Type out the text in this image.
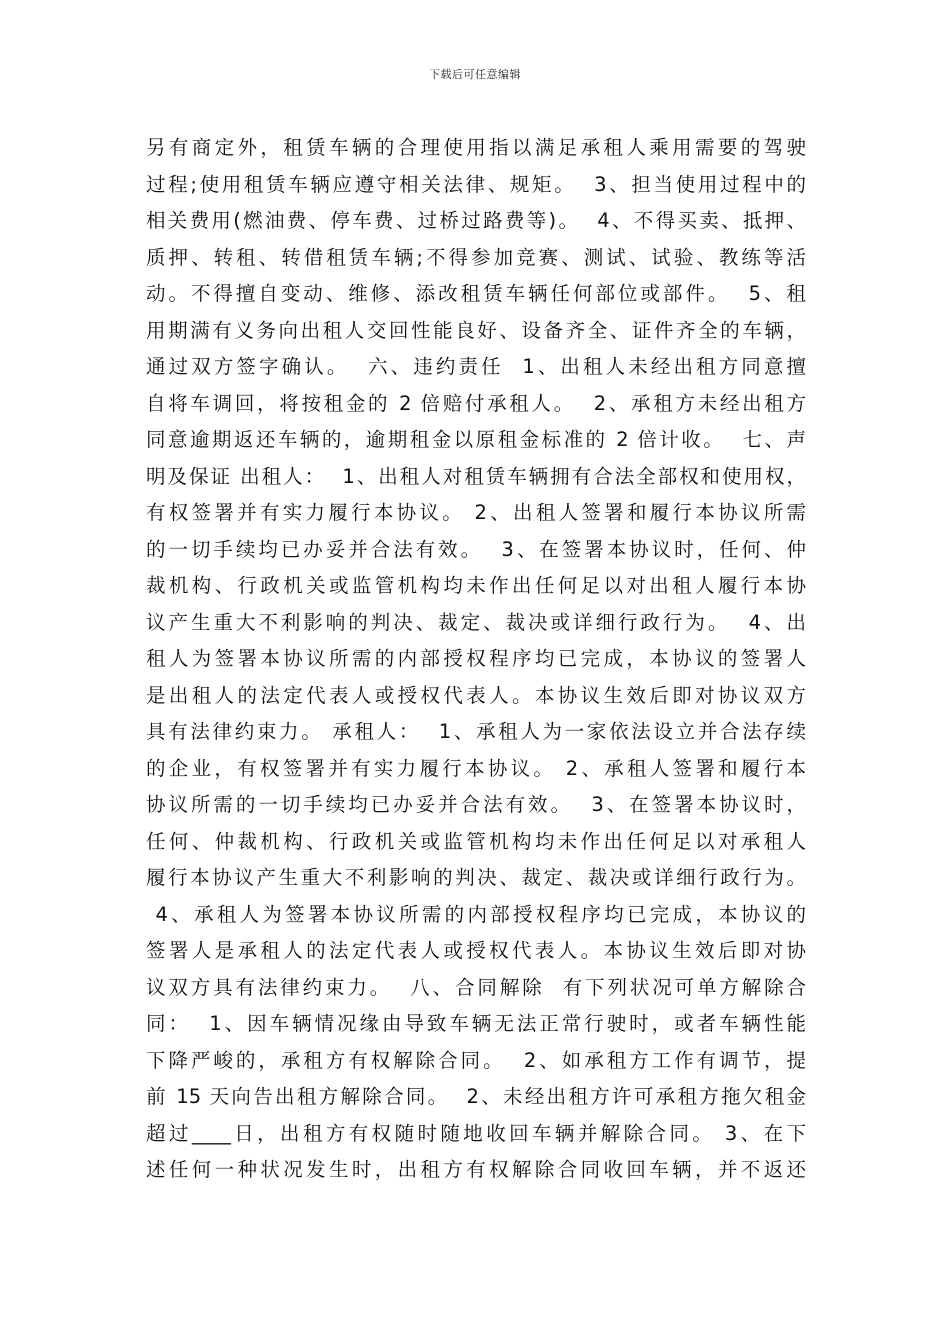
下载后可任意编辑
另有商定外，租赁车辆的合理使用指以满足承租人乘用需要的驾驶
过程;使用租赁车辆应遵守相关法律、规矩。  3、担当使用过程中的
相关费用(燃油费、停车费、过桥过路费等)。  4、不得买卖、抵押、
质押、转租、转借租赁车辆;不得参加竞赛、测试、试验、教练等活
动。不得擅自变动、维修、添改租赁车辆任何部位或部件。  5、租
用期满有义务向出租人交回性能良好、设备齐全、证件齐全的车辆，
通过双方签字确认。  六、违约责任  1、出租人未经出租方同意擅
自将车调回，将按租金的 2 倍赔付承租人。  2、承租方未经出租方
同意逾期返还车辆的，逾期租金以原租金标准的 2 倍计收。  七、声
明及保证 出租人：  1、出租人对租赁车辆拥有合法全部权和使用权，
有权签署并有实力履行本协议。 2、出租人签署和履行本协议所需
的一切手续均已办妥并合法有效。  3、在签署本协议时，任何、仲
裁机构、行政机关或监管机构均未作出任何足以对出租人履行本协
议产生重大不利影响的判决、裁定、裁决或详细行政行为。  4、出
租人为签署本协议所需的内部授权程序均已完成，本协议的签署人
是出租人的法定代表人或授权代表人。本协议生效后即对协议双方
具有法律约束力。 承租人：  1、承租人为一家依法设立并合法存续
的企业，有权签署并有实力履行本协议。 2、承租人签署和履行本
协议所需的一切手续均已办妥并合法有效。  3、在签署本协议时，
任何、仲裁机构、行政机关或监管机构均未作出任何足以对承租人
履行本协议产生重大不利影响的判决、裁定、裁决或详细行政行为。
4、承租人为签署本协议所需的内部授权程序均已完成，本协议的
签署人是承租人的法定代表人或授权代表人。本协议生效后即对协
议双方具有法律约束力。  八、合同解除  有下列状况可单方解除合
同：  1、因车辆情况缘由导致车辆无法正常行驶时，或者车辆性能
下降严峻的，承租方有权解除合同。  2、如承租方工作有调节，提
前 15 天向告出租方解除合同。  2、未经出租方许可承租方拖欠租金
超过____日，出租方有权随时随地收回车辆并解除合同。 3、在下
述任何一种状况发生时，出租方有权解除合同收回车辆，并不返还
